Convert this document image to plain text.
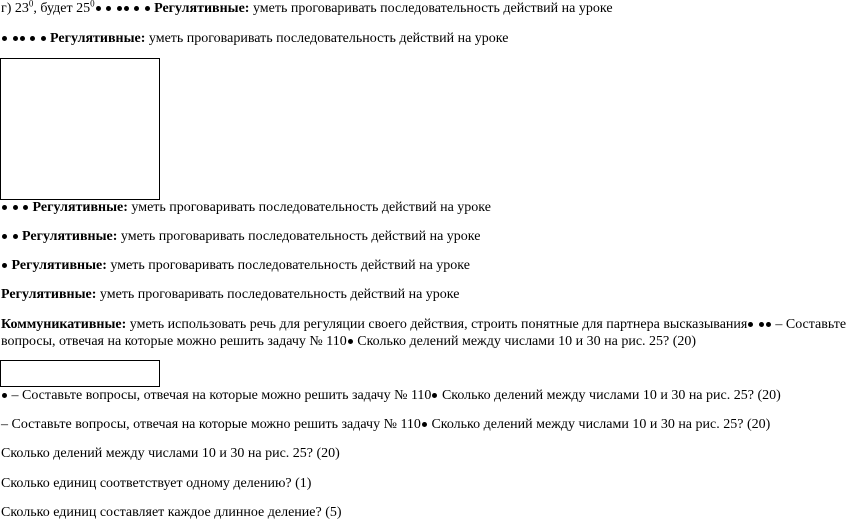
г) $23^0$, будет $25^0$	Регулятивные: уметь проговаривать последовательность действий на уроке
Регулятивные: уметь проговаривать последовательность действий на уроке
Регулятивные: уметь проговаривать последовательность действий на уроке
Регулятивные: уметь проговаривать последовательность действий на уроке
Регулятивные: уметь проговаривать последовательность действий на уроке
Регулятивные: уметь проговаривать последовательность действий на уроке
Коммуникативные: уметь использовать речь для регуляции своего действия, строить понятные для партнера высказывания  – Составьте
вопросы, отвечая на которые можно решить задачу № 110 Сколько делений между числами 10 и 30 на рис. 25? (20)
– Составьте вопросы, отвечая на которые можно решить задачу № 110 Сколько делений между числами 10 и 30 на рис. 25? (20)
– Составьте вопросы, отвечая на которые можно решить задачу № 110 Сколько делений между числами 10 и 30 на рис. 25? (20)
Сколько делений между числами 10 и 30 на рис. 25? (20)
Сколько единиц соответствует одному делению? (1)
Сколько единиц составляет каждое длинное деление? (5)
